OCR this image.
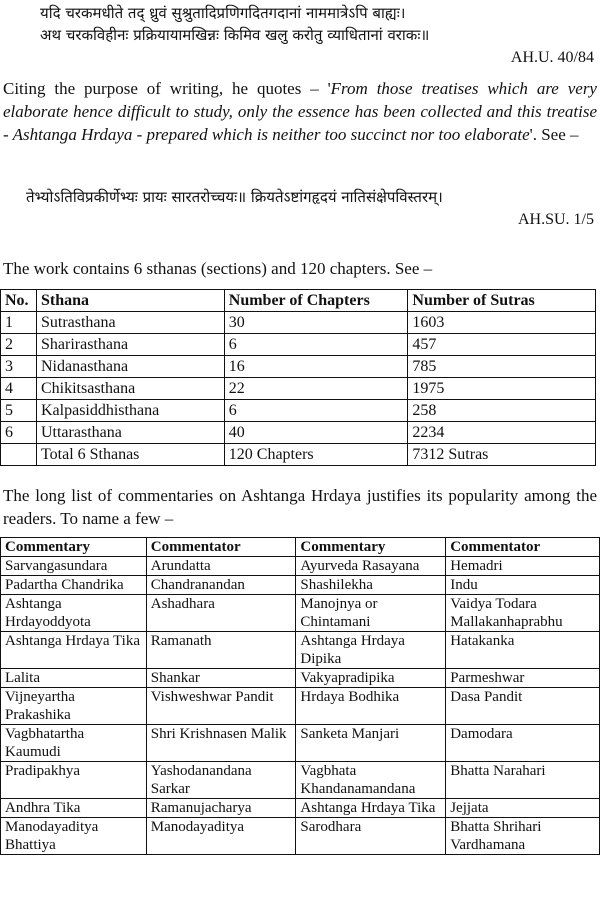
यदि चरकमधीते तद् ध्रुवं सुश्रुतादिप्रणिगदितगदानां नाममात्रेऽपि बाह्यः।
अथ चरकविहीनः प्रक्रियायामखिन्नः किमिव खलु करोतु व्याधितानां वराकः॥
AH.U. 40/84

Citing the purpose of writing, he quotes – 'From those treatises which are very elaborate hence difficult to study, only the essence has been collected and this treatise - Ashtanga Hrdaya - prepared which is neither too succinct nor too elaborate'. See –

तेभ्योऽतिविप्रकीर्णेभ्यः प्रायः सारतरोच्चयः॥ क्रियतेऽष्टांगहृदयं नातिसंक्षेपविस्तरम्।
AH.SU. 1/5

The work contains 6 sthanas (sections) and 120 chapters. See –

No.	Sthana	Number of Chapters	Number of Sutras
1	Sutrasthana	30	1603
2	Sharirasthana	6	457
3	Nidanasthana	16	785
4	Chikitsasthana	22	1975
5	Kalpasiddhisthana	6	258
6	Uttarasthana	40	2234
	Total 6 Sthanas	120 Chapters	7312 Sutras

The long list of commentaries on Ashtanga Hrdaya justifies its popularity among the readers. To name a few –

Commentary	Commentator	Commentary	Commentator
Sarvangasundara	Arundatta	Ayurveda Rasayana	Hemadri
Padartha Chandrika	Chandranandan	Shashilekha	Indu
Ashtanga Hrdayoddyota	Ashadhara	Manojnya or Chintamani	Vaidya Todara Mallakanhaprabhu
Ashtanga Hrdaya Tika	Ramanath	Ashtanga Hrdaya Dipika	Hatakanka
Lalita	Shankar	Vakyapradipika	Parmeshwar
Vijneyartha Prakashika	Vishweshwar Pandit	Hrdaya Bodhika	Dasa Pandit
Vagbhatartha Kaumudi	Shri Krishnasen Malik	Sanketa Manjari	Damodara
Pradipakhya	Yashodanandana Sarkar	Vagbhata Khandanamandana	Bhatta Narahari
Andhra Tika	Ramanujacharya	Ashtanga Hrdaya Tika	Jejjata
Manodayaditya Bhattiya	Manodayaditya	Sarodhara	Bhatta Shrihari Vardhamana
